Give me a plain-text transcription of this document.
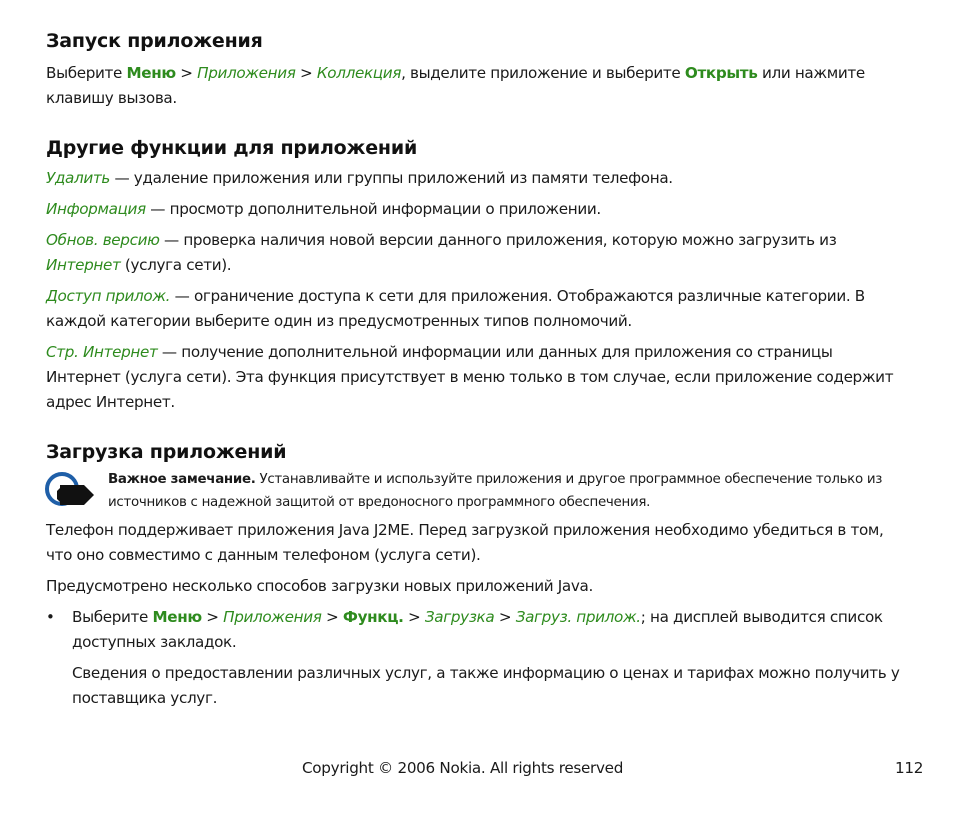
Запуск приложения

Выберите Меню > Приложения > Коллекция, выделите приложение и выберите Открыть или нажмите клавишу вызова.

Другие функции для приложений

Удалить — удаление приложения или группы приложений из памяти телефона.

Информация — просмотр дополнительной информации о приложении.

Обнов. версию — проверка наличия новой версии данного приложения, которую можно загрузить из Интернет (услуга сети).

Доступ прилож. — ограничение доступа к сети для приложения. Отображаются различные категории. В каждой категории выберите один из предусмотренных типов полномочий.

Стр. Интернет — получение дополнительной информации или данных для приложения со страницы Интернет (услуга сети). Эта функция присутствует в меню только в том случае, если приложение содержит адрес Интернет.

Загрузка приложений
Важное замечание. Устанавливайте и используйте приложения и другое программное обеспечение только из источников с надежной защитой от вредоносного программного обеспечения.

Телефон поддерживает приложения Java J2ME. Перед загрузкой приложения необходимо убедиться в том, что оно совместимо с данным телефоном (услуга сети).

Предусмотрено несколько способов загрузки новых приложений Java.

•	Выберите Меню > Приложения > Функц. > Загрузка > Загруз. прилож.; на дисплей выводится список доступных закладок.

Сведения о предоставлении различных услуг, а также информацию о ценах и тарифах можно получить у поставщика услуг.

Copyright © 2006 Nokia. All rights reserved	112
